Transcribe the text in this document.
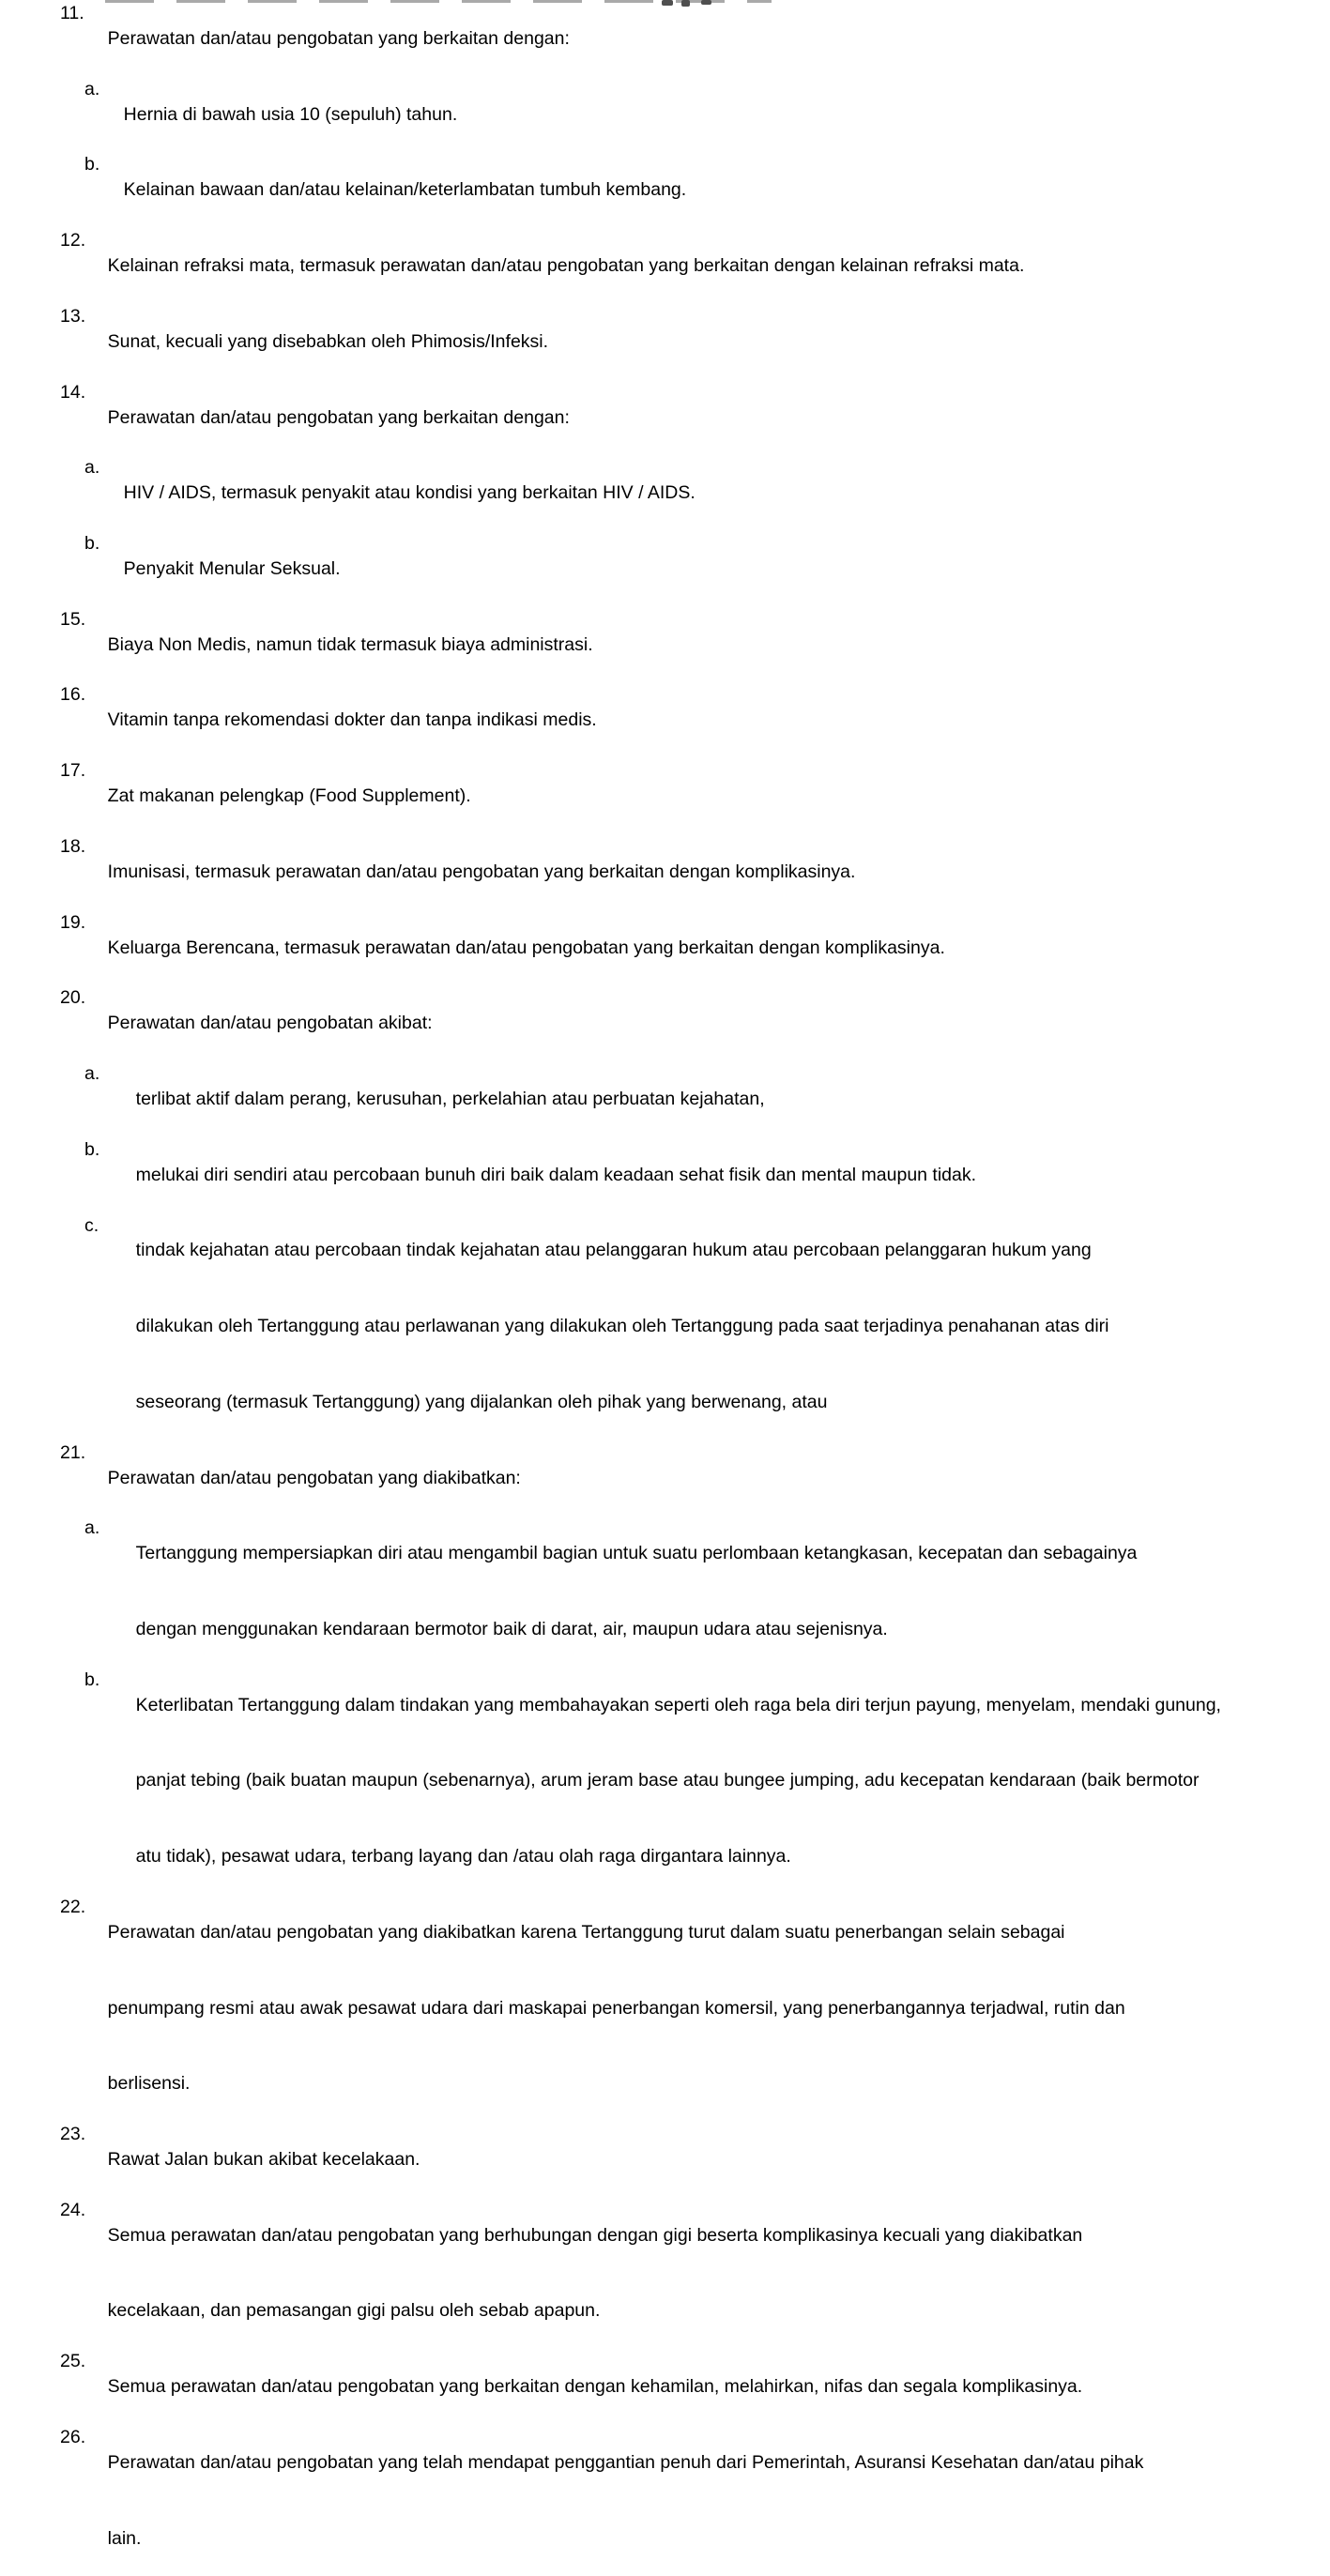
11.
Perawatan dan/atau pengobatan yang berkaitan dengan:

a.
Hernia di bawah usia 10 (sepuluh) tahun.

b.
Kelainan bawaan dan/atau kelainan/keterlambatan tumbuh kembang.

12.
Kelainan refraksi mata, termasuk perawatan dan/atau pengobatan yang berkaitan dengan kelainan refraksi mata.

13.
Sunat, kecuali yang disebabkan oleh Phimosis/Infeksi.

14.
Perawatan dan/atau pengobatan yang berkaitan dengan:

a.
HIV / AIDS, termasuk penyakit atau kondisi yang berkaitan HIV / AIDS.

b.
Penyakit Menular Seksual.

15.
Biaya Non Medis, namun tidak termasuk biaya administrasi.

16.
Vitamin tanpa rekomendasi dokter dan tanpa indikasi medis.

17.
Zat makanan pelengkap (Food Supplement).

18.
Imunisasi, termasuk perawatan dan/atau pengobatan yang berkaitan dengan komplikasinya.

19.
Keluarga Berencana, termasuk perawatan dan/atau pengobatan yang berkaitan dengan komplikasinya.

20.
Perawatan dan/atau pengobatan akibat:

a.
terlibat aktif dalam perang, kerusuhan, perkelahian atau perbuatan kejahatan,

b.
melukai diri sendiri atau percobaan bunuh diri baik dalam keadaan sehat fisik dan mental maupun tidak.

c.
tindak kejahatan atau percobaan tindak kejahatan atau pelanggaran hukum atau percobaan pelanggaran hukum yang

dilakukan oleh Tertanggung atau perlawanan yang dilakukan oleh Tertanggung pada saat terjadinya penahanan atas diri

seseorang (termasuk Tertanggung) yang dijalankan oleh pihak yang berwenang, atau

21.
Perawatan dan/atau pengobatan yang diakibatkan:

a.
Tertanggung mempersiapkan diri atau mengambil bagian untuk suatu perlombaan ketangkasan, kecepatan dan sebagainya

dengan menggunakan kendaraan bermotor baik di darat, air, maupun udara atau sejenisnya.

b.
Keterlibatan Tertanggung dalam tindakan yang membahayakan seperti oleh raga bela diri terjun payung, menyelam, mendaki gunung,

panjat tebing (baik buatan maupun (sebenarnya), arum jeram base atau bungee jumping, adu kecepatan kendaraan (baik bermotor

atu tidak), pesawat udara, terbang layang dan /atau olah raga dirgantara lainnya.

22.
Perawatan dan/atau pengobatan yang diakibatkan karena Tertanggung turut dalam suatu penerbangan selain sebagai

penumpang resmi atau awak pesawat udara dari maskapai penerbangan komersil, yang penerbangannya terjadwal, rutin dan

berlisensi.

23.
Rawat Jalan bukan akibat kecelakaan.

24.
Semua perawatan dan/atau pengobatan yang berhubungan dengan gigi beserta komplikasinya kecuali yang diakibatkan

kecelakaan, dan pemasangan gigi palsu oleh sebab apapun.

25.
Semua perawatan dan/atau pengobatan yang berkaitan dengan kehamilan, melahirkan, nifas dan segala komplikasinya.

26.
Perawatan dan/atau pengobatan yang telah mendapat penggantian penuh dari Pemerintah, Asuransi Kesehatan dan/atau pihak

lain.
